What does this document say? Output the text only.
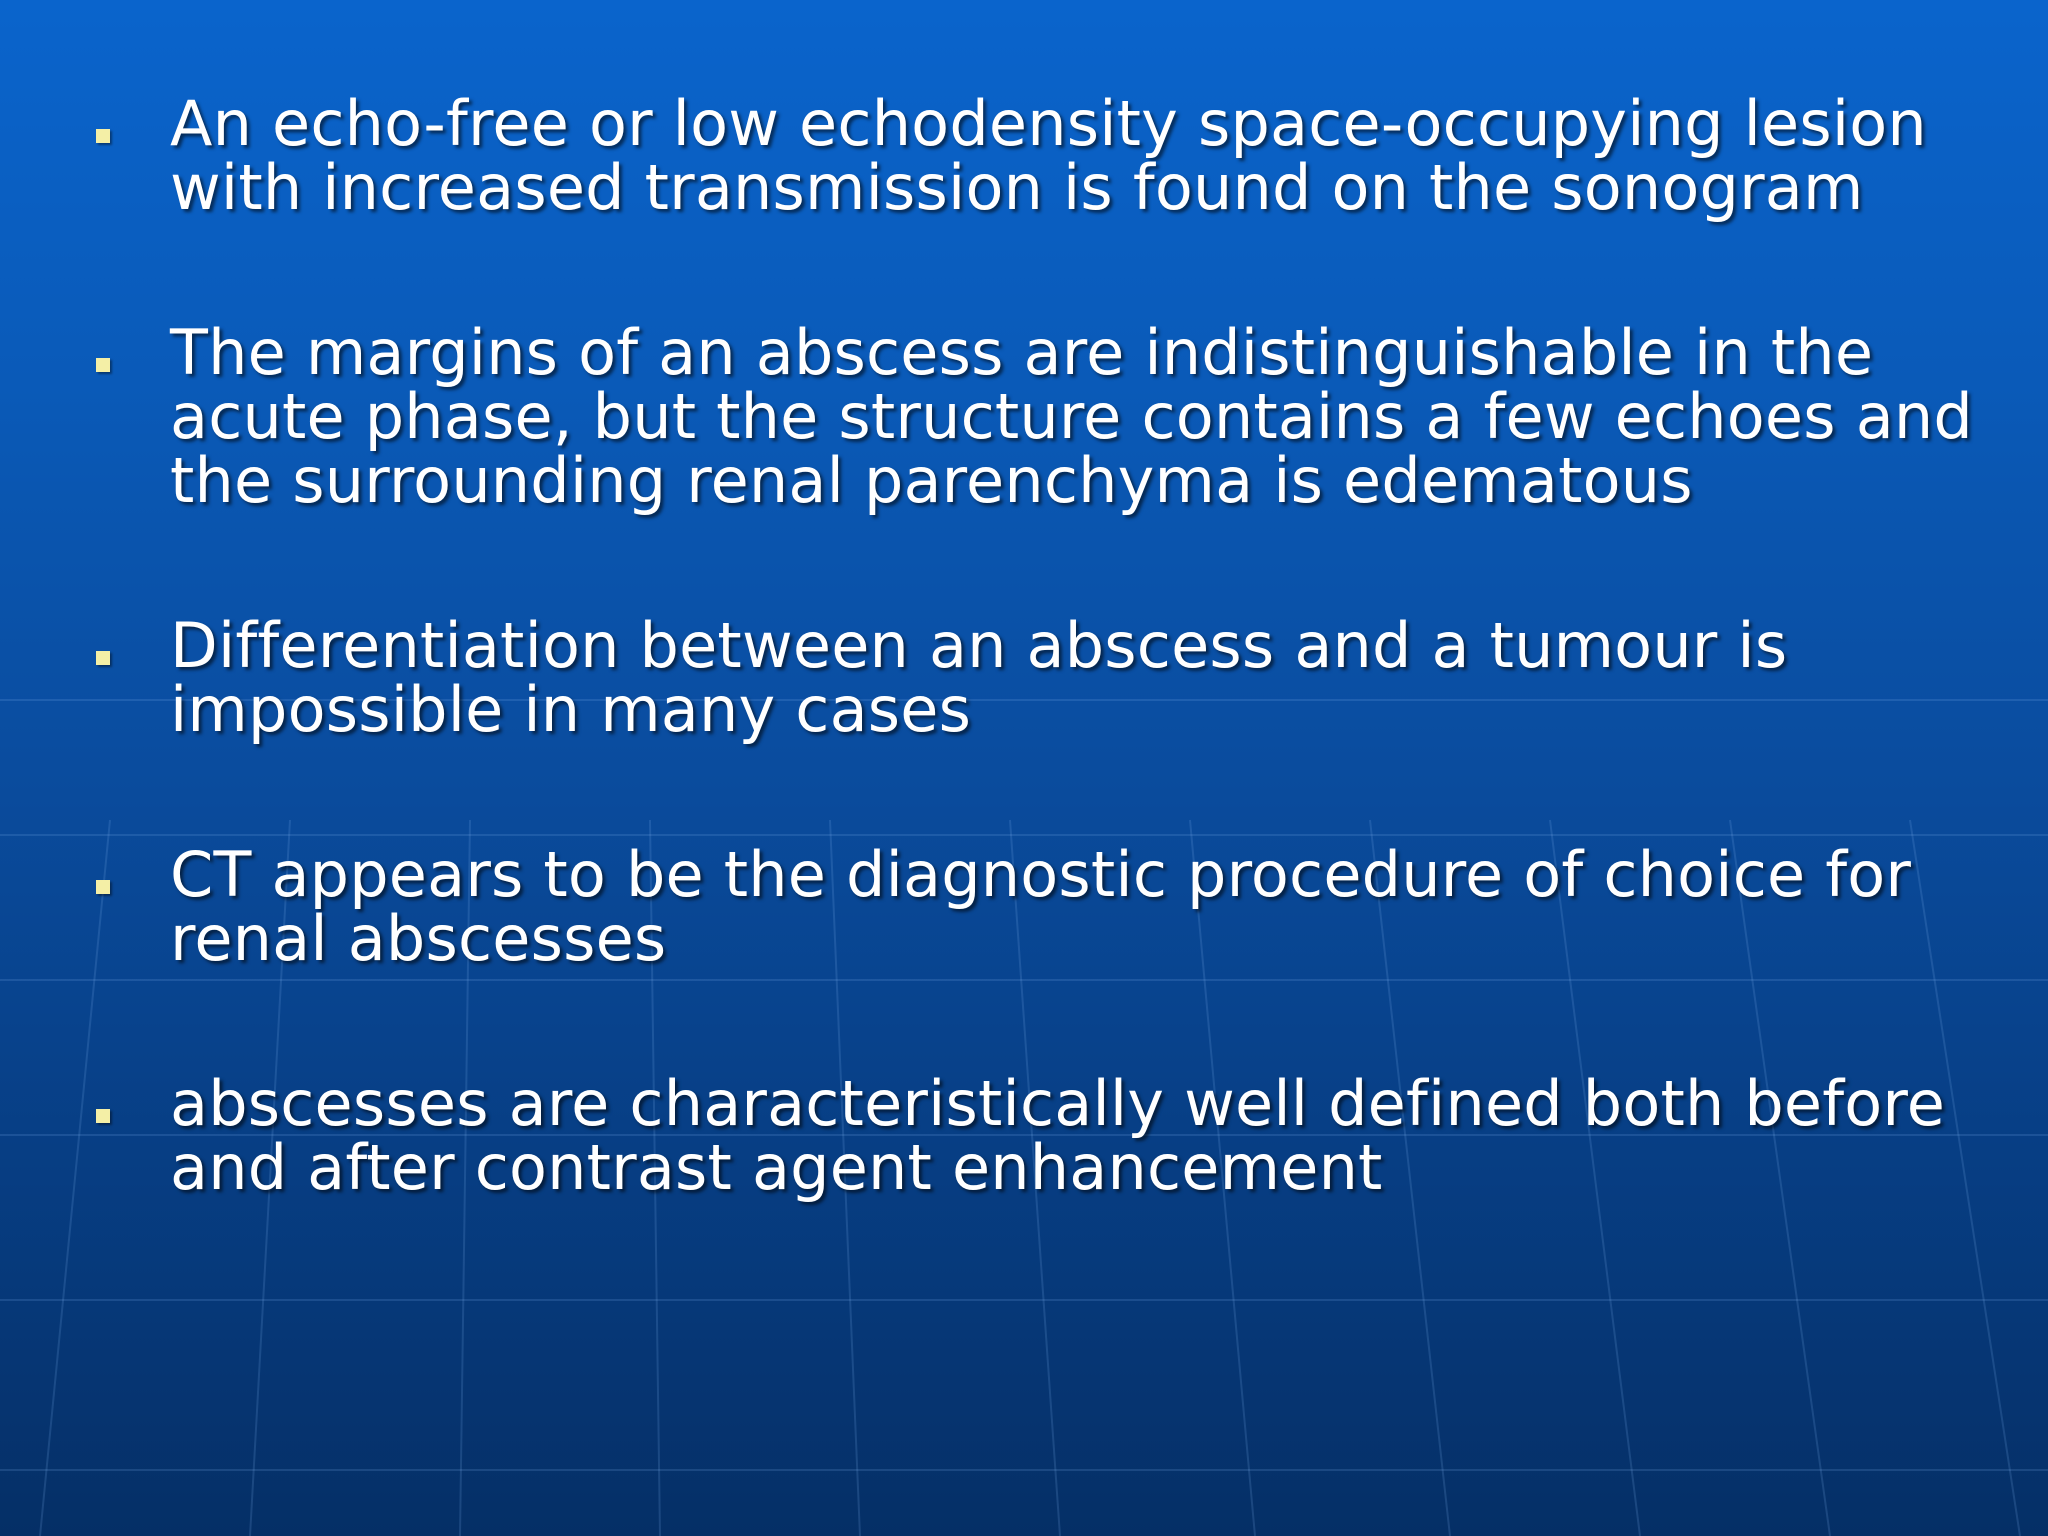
An echo-free or low echodensity space-occupying lesion with increased transmission is found on the sonogram
The margins of an abscess are indistinguishable in the acute phase, but the structure contains a few echoes and the surrounding renal parenchyma is edematous
Differentiation between an abscess and a tumour is impossible in many cases
CT appears to be the diagnostic procedure of choice for renal abscesses
abscesses are characteristically well defined both before and after contrast agent enhancement
